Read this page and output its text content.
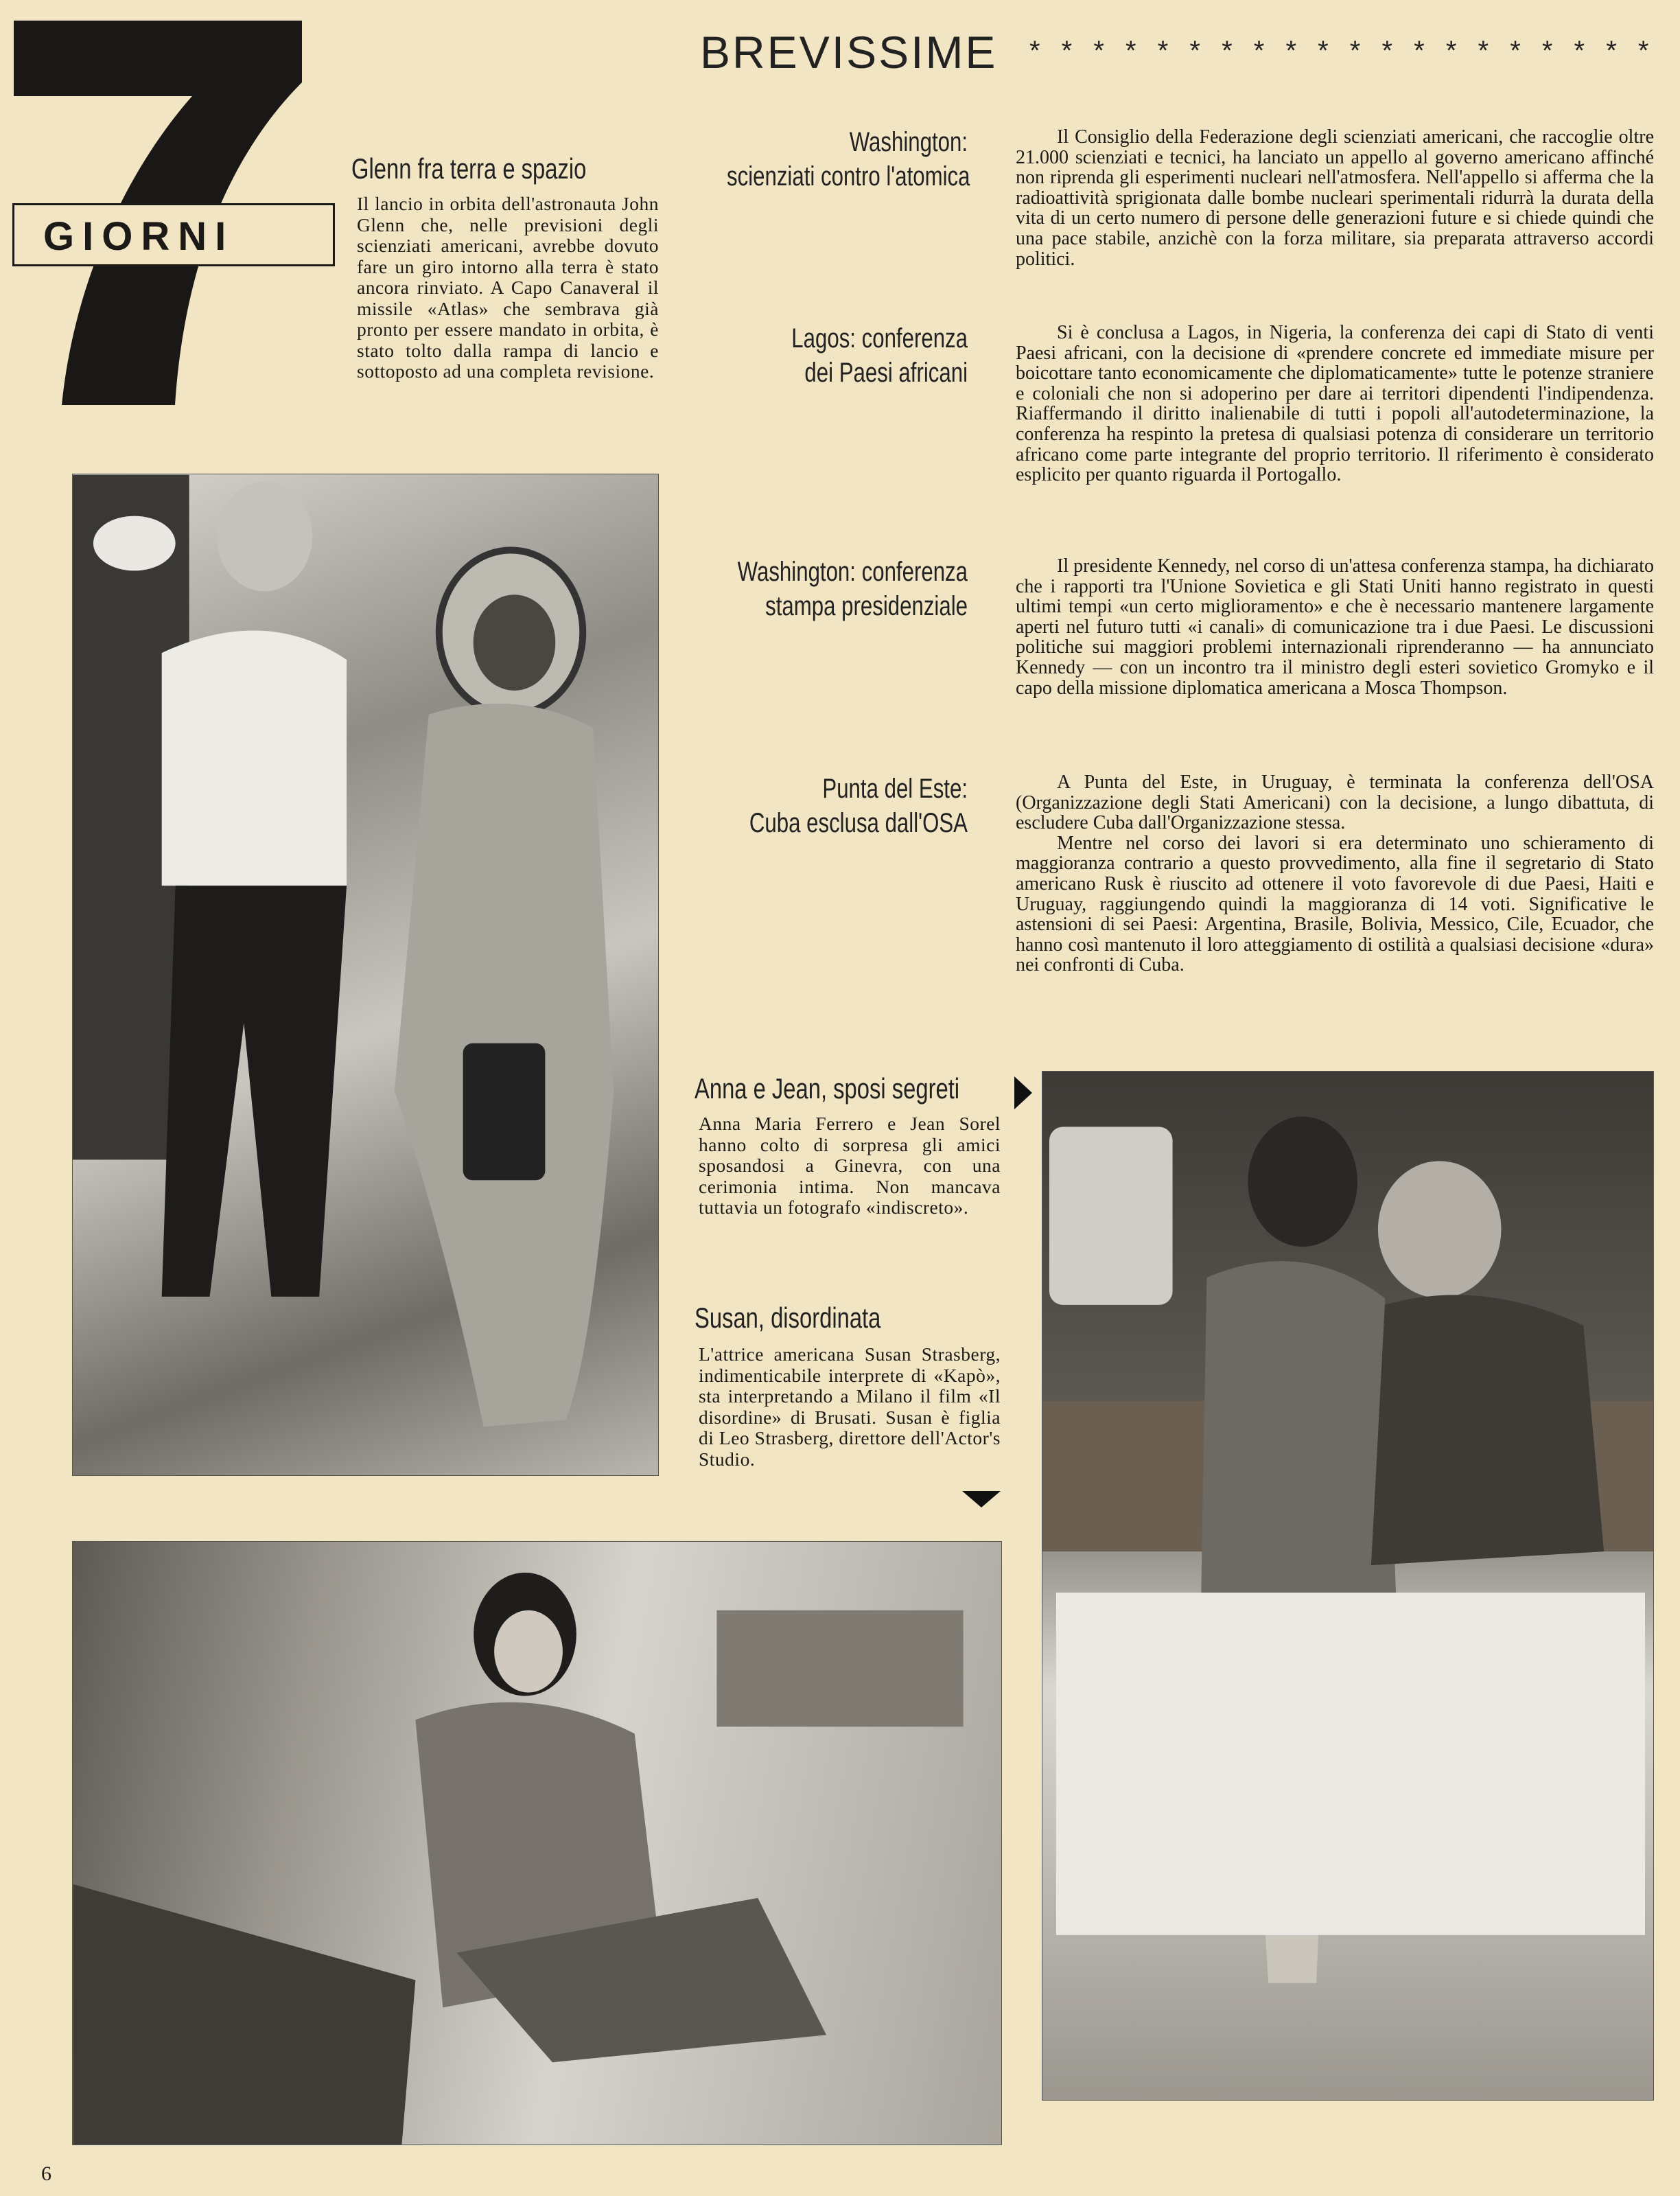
GIORNI
BREVISSIME * * * * * * * * * * * * * * * * * * * *
Glenn fra terra e spazio
Il lancio in orbita dell'astronauta John Glenn che, nelle previsioni degli scienziati americani, avrebbe dovuto fare un giro intorno alla terra è stato ancora rinviato. A Capo Canaveral il missile «Atlas» che sembrava già pronto per essere mandato in orbita, è stato tolto dalla rampa di lancio e sottoposto ad una completa revisione.
Washington:
scienziati contro l'atomica
Lagos: conferenza
dei Paesi africani
Washington: conferenza
stampa presidenziale
Punta del Este:
Cuba esclusa dall'OSA

Il Consiglio della Federazione degli scienziati americani, che raccoglie oltre 21.000 scienziati e tecnici, ha lanciato un appello al governo americano affinché non riprenda gli esperimenti nucleari nell'atmosfera. Nell'appello si afferma che la radioattività sprigionata dalle bombe nucleari sperimentali ridurrà la durata della vita di un certo numero di persone delle generazioni future e si chiede quindi che una pace stabile, anzichè con la forza militare, sia preparata attraverso accordi politici.

Si è conclusa a Lagos, in Nigeria, la conferenza dei capi di Stato di venti Paesi africani, con la decisione di «prendere concrete ed immediate misure per boicottare tanto economicamente che diplomaticamente» tutte le potenze straniere e coloniali che non si adoperino per dare ai territori dipendenti l'indipendenza. Riaffermando il diritto inalienabile di tutti i popoli all'autodeterminazione, la conferenza ha respinto la pretesa di qualsiasi potenza di considerare un territorio africano come parte integrante del proprio territorio. Il riferimento è considerato esplicito per quanto riguarda il Portogallo.

Il presidente Kennedy, nel corso di un'attesa conferenza stampa, ha dichiarato che i rapporti tra l'Unione Sovietica e gli Stati Uniti hanno registrato in questi ultimi tempi «un certo miglioramento» e che è necessario mantenere largamente aperti nel futuro tutti «i canali» di comunicazione tra i due Paesi. Le discussioni politiche sui maggiori problemi internazionali riprenderanno — ha annunciato Kennedy — con un incontro tra il ministro degli esteri sovietico Gromyko e il capo della missione diplomatica americana a Mosca Thompson.

A Punta del Este, in Uruguay, è terminata la conferenza dell'OSA (Organizzazione degli Stati Americani) con la decisione, a lungo dibattuta, di escludere Cuba dall'Organizzazione stessa.

Mentre nel corso dei lavori si era determinato uno schieramento di maggioranza contrario a questo provvedimento, alla fine il segretario di Stato americano Rusk è riuscito ad ottenere il voto favorevole di due Paesi, Haiti e Uruguay, raggiungendo quindi la maggioranza di 14 voti. Significative le astensioni di sei Paesi: Argentina, Brasile, Bolivia, Messico, Cile, Ecuador, che hanno così mantenuto il loro atteggiamento di ostilità a qualsiasi decisione «dura» nei confronti di Cuba.

Anna e Jean, sposi segreti
Anna Maria Ferrero e Jean Sorel hanno colto di sorpresa gli amici sposandosi a Ginevra, con una cerimonia intima. Non mancava tuttavia un fotografo «indiscreto».
Susan, disordinata
L'attrice americana Susan Strasberg, indimenticabile interprete di «Kapò», sta interpretando a Milano il film «Il disordine» di Brusati. Susan è figlia di Leo Strasberg, direttore dell'Actor's Studio.
6
